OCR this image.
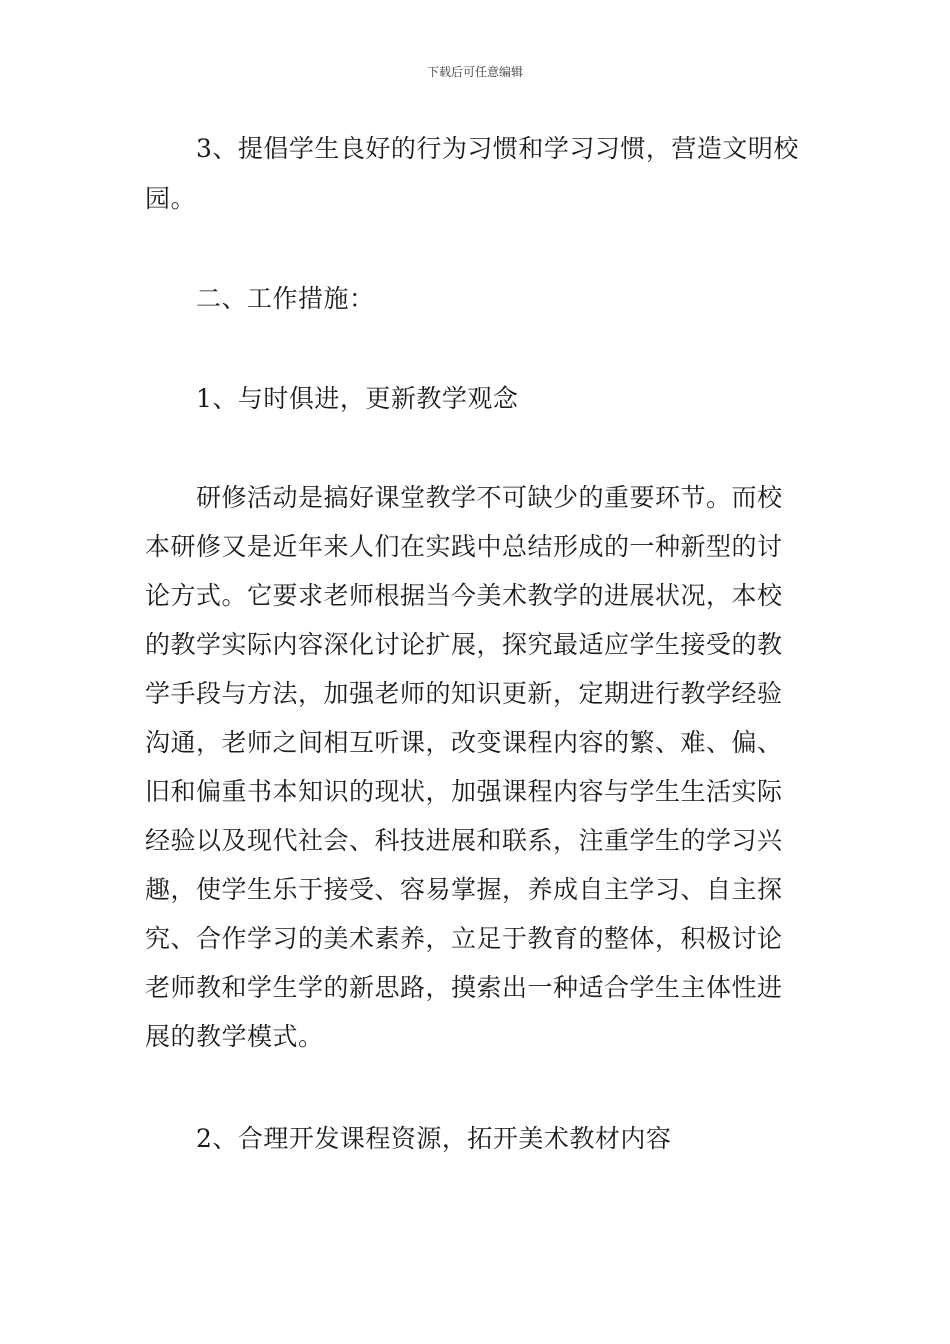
下载后可任意编辑
　　3、提倡学生良好的行为习惯和学习习惯，营造文明校
园。
　　二、工作措施：
　　1、与时俱进，更新教学观念
　　研修活动是搞好课堂教学不可缺少的重要环节。而校
本研修又是近年来人们在实践中总结形成的一种新型的讨
论方式。它要求老师根据当今美术教学的进展状况，本校
的教学实际内容深化讨论扩展，探究最适应学生接受的教
学手段与方法，加强老师的知识更新，定期进行教学经验
沟通，老师之间相互听课，改变课程内容的繁、难、偏、
旧和偏重书本知识的现状，加强课程内容与学生生活实际
经验以及现代社会、科技进展和联系，注重学生的学习兴
趣，使学生乐于接受、容易掌握，养成自主学习、自主探
究、合作学习的美术素养，立足于教育的整体，积极讨论
老师教和学生学的新思路，摸索出一种适合学生主体性进
展的教学模式。
　　2、合理开发课程资源，拓开美术教材内容
